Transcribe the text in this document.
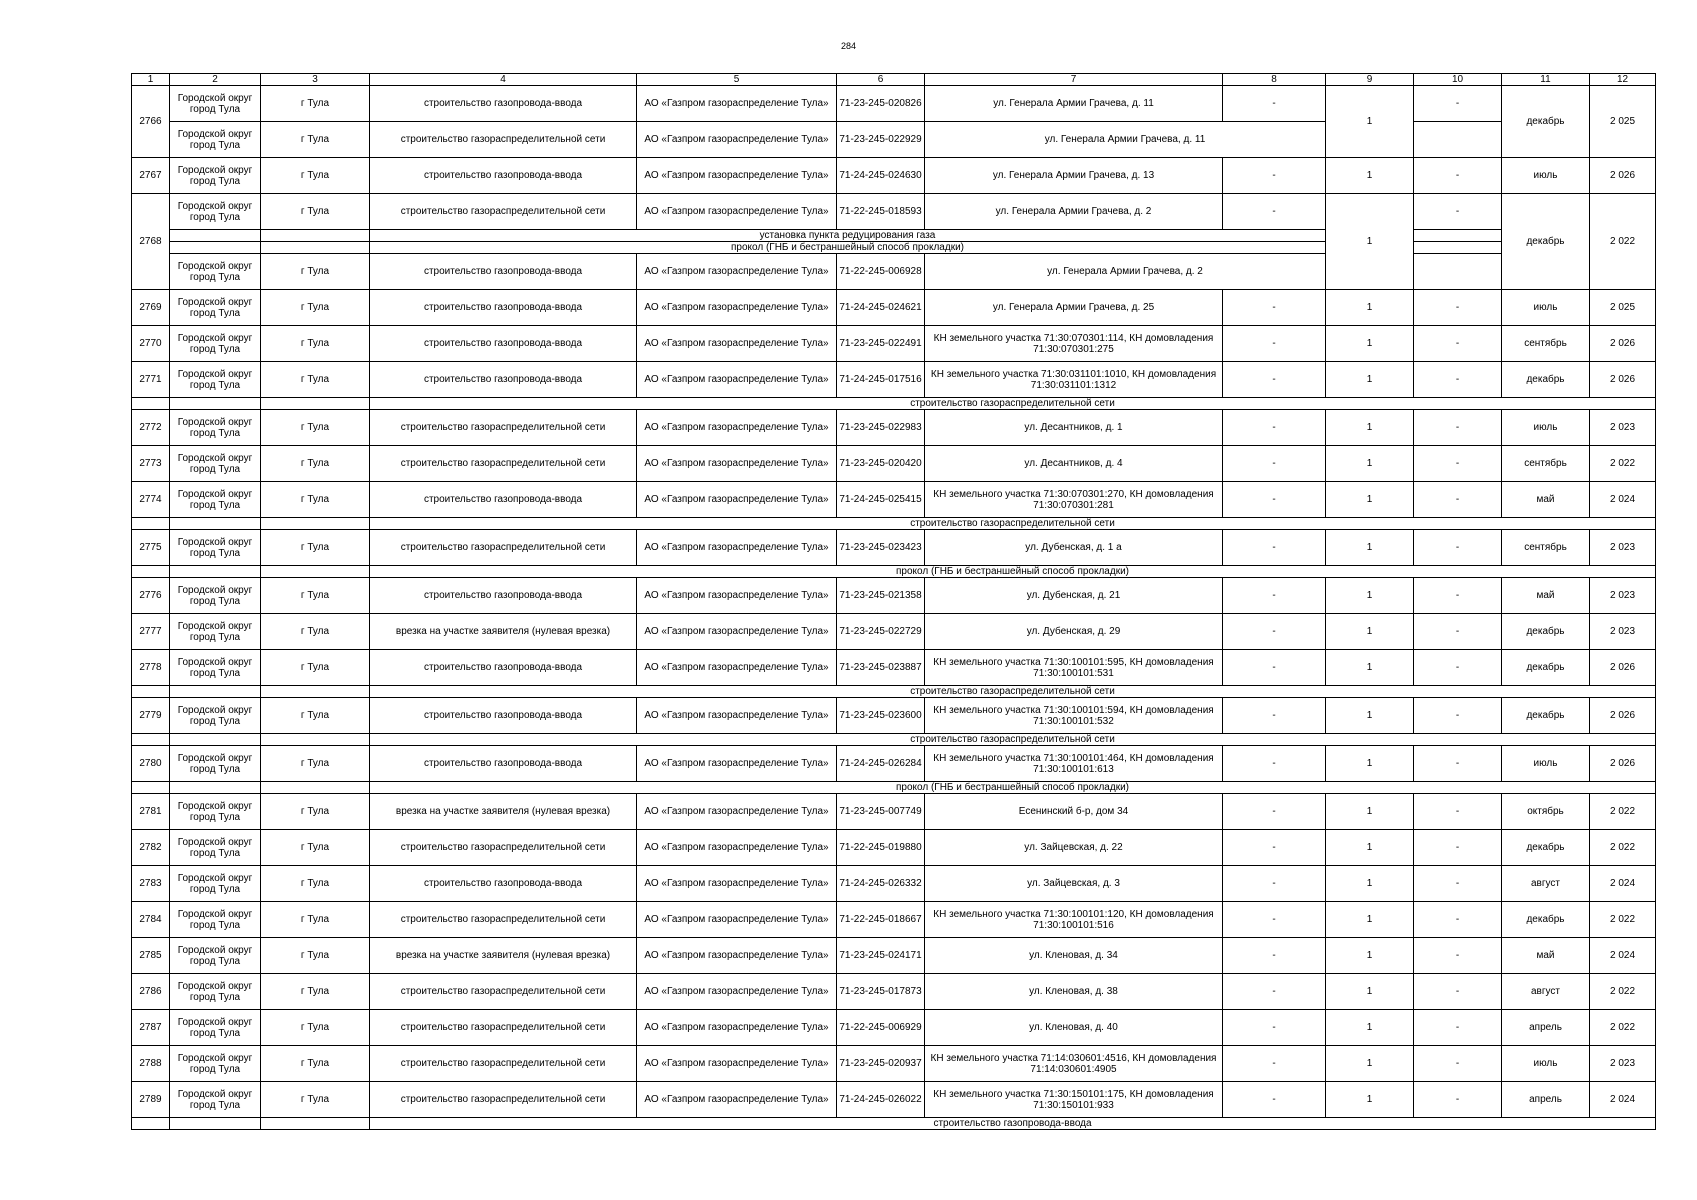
284
1	2	3	4	5	6	7	8	9	10	11	12
2766	Городской округ город Тула	г Тула	строительство газопровода-ввода	АО «Газпром газораспределение Тула»	71-23-245-020826	ул. Генерала Армии Грачева, д. 11	-	1	-	декабрь	2 025
	Городской округ город Тула	г Тула	строительство газораспределительной сети	АО «Газпром газораспределение Тула»	71-23-245-022929	ул. Генерала Армии Грачева, д. 11					
2767	Городской округ город Тула	г Тула	строительство газопровода-ввода	АО «Газпром газораспределение Тула»	71-24-245-024630	ул. Генерала Армии Грачева, д. 13	-	1	-	июль	2 026
2768	Городской округ город Тула	г Тула	строительство газораспределительной сети	АО «Газпром газораспределение Тула»	71-22-245-018593	ул. Генерала Армии Грачева, д. 2	-	1	-	декабрь	2 022
			установка пункта редуцирования газа								
			прокол (ГНБ и бестраншейный способ прокладки)								
	Городской округ город Тула	г Тула	строительство газопровода-ввода	АО «Газпром газораспределение Тула»	71-22-245-006928	ул. Генерала Армии Грачева, д. 2					
2769	Городской округ город Тула	г Тула	строительство газопровода-ввода	АО «Газпром газораспределение Тула»	71-24-245-024621	ул. Генерала Армии Грачева, д. 25	-	1	-	июль	2 025
2770	Городской округ город Тула	г Тула	строительство газопровода-ввода	АО «Газпром газораспределение Тула»	71-23-245-022491	КН земельного участка 71:30:070301:114, КН домовладения 71:30:070301:275	-	1	-	сентябрь	2 026
2771	Городской округ город Тула	г Тула	строительство газопровода-ввода	АО «Газпром газораспределение Тула»	71-24-245-017516	КН земельного участка 71:30:031101:1010, КН домовладения 71:30:031101:1312	-	1	-	декабрь	2 026
			строительство газораспределительной сети								
2772	Городской округ город Тула	г Тула	строительство газораспределительной сети	АО «Газпром газораспределение Тула»	71-23-245-022983	ул. Десантников, д. 1	-	1	-	июль	2 023
2773	Городской округ город Тула	г Тула	строительство газораспределительной сети	АО «Газпром газораспределение Тула»	71-23-245-020420	ул. Десантников, д. 4	-	1	-	сентябрь	2 022
2774	Городской округ город Тула	г Тула	строительство газопровода-ввода	АО «Газпром газораспределение Тула»	71-24-245-025415	КН земельного участка 71:30:070301:270, КН домовладения 71:30:070301:281	-	1	-	май	2 024
			строительство газораспределительной сети								
2775	Городской округ город Тула	г Тула	строительство газораспределительной сети	АО «Газпром газораспределение Тула»	71-23-245-023423	ул. Дубенская, д. 1 а	-	1	-	сентябрь	2 023
			прокол (ГНБ и бестраншейный способ прокладки)								
2776	Городской округ город Тула	г Тула	строительство газопровода-ввода	АО «Газпром газораспределение Тула»	71-23-245-021358	ул. Дубенская, д. 21	-	1	-	май	2 023
2777	Городской округ город Тула	г Тула	врезка на участке заявителя (нулевая врезка)	АО «Газпром газораспределение Тула»	71-23-245-022729	ул. Дубенская, д. 29	-	1	-	декабрь	2 023
2778	Городской округ город Тула	г Тула	строительство газопровода-ввода	АО «Газпром газораспределение Тула»	71-23-245-023887	КН земельного участка 71:30:100101:595, КН домовладения 71:30:100101:531	-	1	-	декабрь	2 026
			строительство газораспределительной сети								
2779	Городской округ город Тула	г Тула	строительство газопровода-ввода	АО «Газпром газораспределение Тула»	71-23-245-023600	КН земельного участка 71:30:100101:594, КН домовладения 71:30:100101:532	-	1	-	декабрь	2 026
			строительство газораспределительной сети								
2780	Городской округ город Тула	г Тула	строительство газопровода-ввода	АО «Газпром газораспределение Тула»	71-24-245-026284	КН земельного участка 71:30:100101:464, КН домовладения 71:30:100101:613	-	1	-	июль	2 026
			прокол (ГНБ и бестраншейный способ прокладки)								
2781	Городской округ город Тула	г Тула	врезка на участке заявителя (нулевая врезка)	АО «Газпром газораспределение Тула»	71-23-245-007749	Есенинский б-р, дом 34	-	1	-	октябрь	2 022
2782	Городской округ город Тула	г Тула	строительство газораспределительной сети	АО «Газпром газораспределение Тула»	71-22-245-019880	ул. Зайцевская, д. 22	-	1	-	декабрь	2 022
2783	Городской округ город Тула	г Тула	строительство газопровода-ввода	АО «Газпром газораспределение Тула»	71-24-245-026332	ул. Зайцевская, д. 3	-	1	-	август	2 024
2784	Городской округ город Тула	г Тула	строительство газораспределительной сети	АО «Газпром газораспределение Тула»	71-22-245-018667	КН земельного участка 71:30:100101:120, КН домовладения 71:30:100101:516	-	1	-	декабрь	2 022
2785	Городской округ город Тула	г Тула	врезка на участке заявителя (нулевая врезка)	АО «Газпром газораспределение Тула»	71-23-245-024171	ул. Кленовая, д. 34	-	1	-	май	2 024
2786	Городской округ город Тула	г Тула	строительство газораспределительной сети	АО «Газпром газораспределение Тула»	71-23-245-017873	ул. Кленовая, д. 38	-	1	-	август	2 022
2787	Городской округ город Тула	г Тула	строительство газораспределительной сети	АО «Газпром газораспределение Тула»	71-22-245-006929	ул. Кленовая, д. 40	-	1	-	апрель	2 022
2788	Городской округ город Тула	г Тула	строительство газораспределительной сети	АО «Газпром газораспределение Тула»	71-23-245-020937	КН земельного участка 71:14:030601:4516, КН домовладения 71:14:030601:4905	-	1	-	июль	2 023
2789	Городской округ город Тула	г Тула	строительство газораспределительной сети	АО «Газпром газораспределение Тула»	71-24-245-026022	КН земельного участка 71:30:150101:175, КН домовладения 71:30:150101:933	-	1	-	апрель	2 024
			строительство газопровода-ввода								
